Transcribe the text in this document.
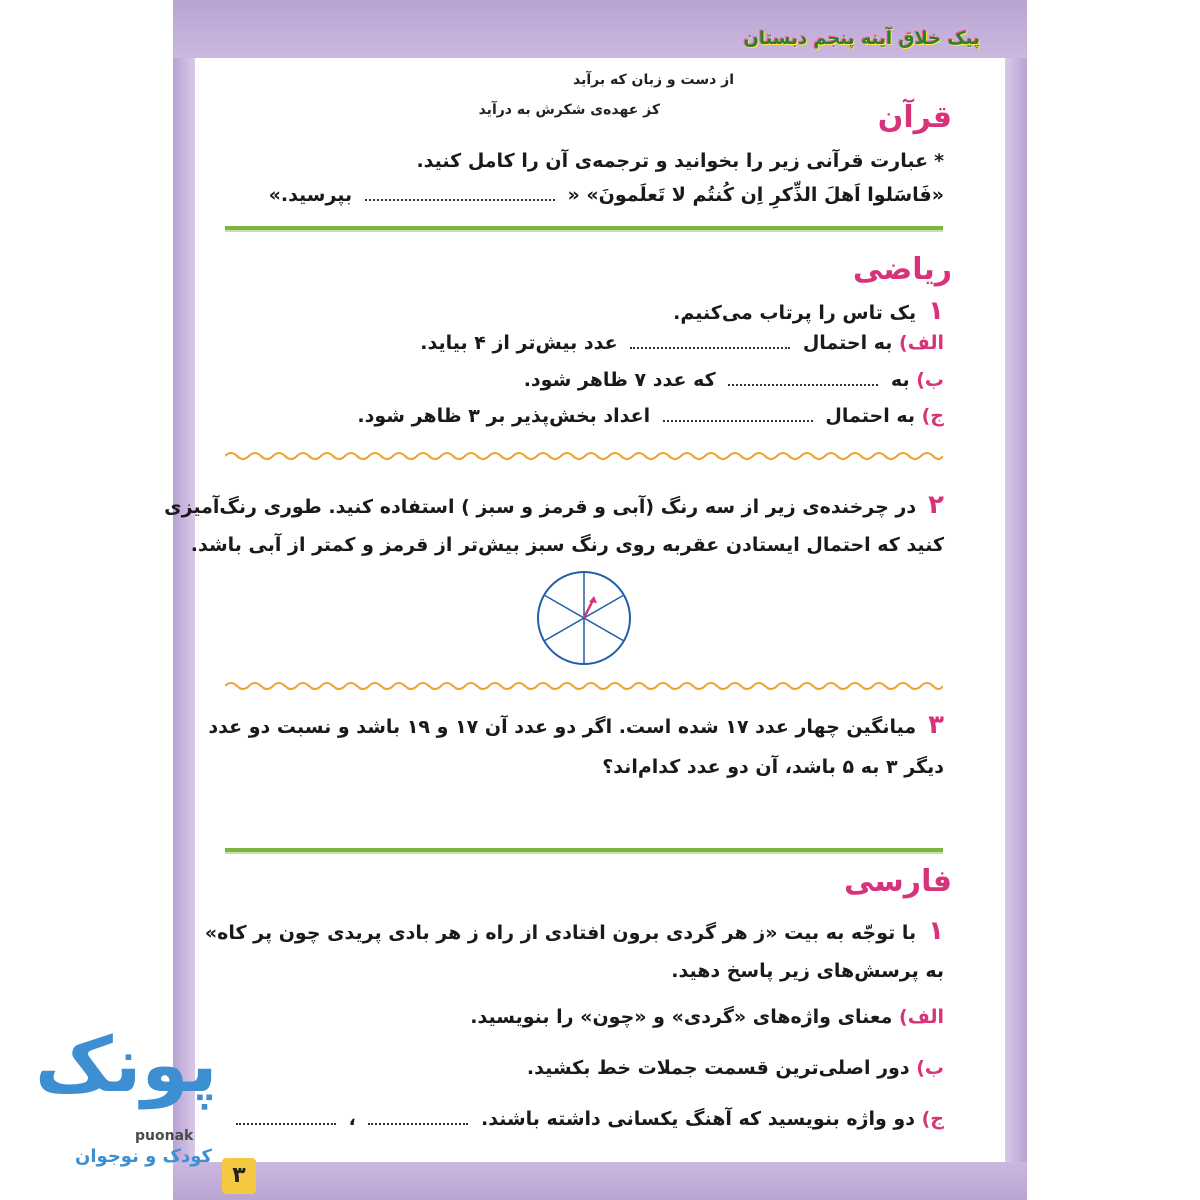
پیک خلاق آینه پنجم دبستان
از دست و زبان که برآید
کز عهده‌ی شکرش به درآید	قرآن
*عبارت قرآنی زیر را بخوانید و ترجمه‌ی آن را کامل کنید.
«فَاسَلوا اَهلَ الذِّکرِ اِن کُنتُم لا تَعلَمونَ» «  بپرسید.»
ریاضی
۱یک تاس را پرتاب می‌کنیم.
الف) به احتمال  عدد بیش‌تر از ۴ بیاید.
ب) به  که عدد ۷ ظاهر شود.
ج) به احتمال  اعداد بخش‌پذیر بر ۳ ظاهر شود.
۲در چرخنده‌ی زیر از سه رنگ (آبی و قرمز و سبز ) استفاده کنید. طوری رنگ‌آمیزی
کنید که احتمال ایستادن عقربه روی رنگ سبز بیش‌تر از قرمز و کمتر از آبی باشد.
۳میانگین چهار عدد ۱۷ شده است. اگر دو عدد آن ۱۷ و ۱۹ باشد و نسبت دو عدد
دیگر ۳ به ۵ باشد، آن دو عدد کدام‌اند؟
فارسی
۱با توجّه به بیت «ز هر گردی برون افتادی از راه ز هر بادی پریدی چون پر کاه»
به پرسش‌های زیر پاسخ دهید.
الف) معنای واژه‌های «گردی» و «چون» را بنویسید.
ب) دور اصلی‌ترین قسمت جملات خط بکشید.
ج) دو واژه بنویسید که آهنگ یکسانی داشته باشند.  ،
۳
پونک
puonak
کودک و نوجوان
